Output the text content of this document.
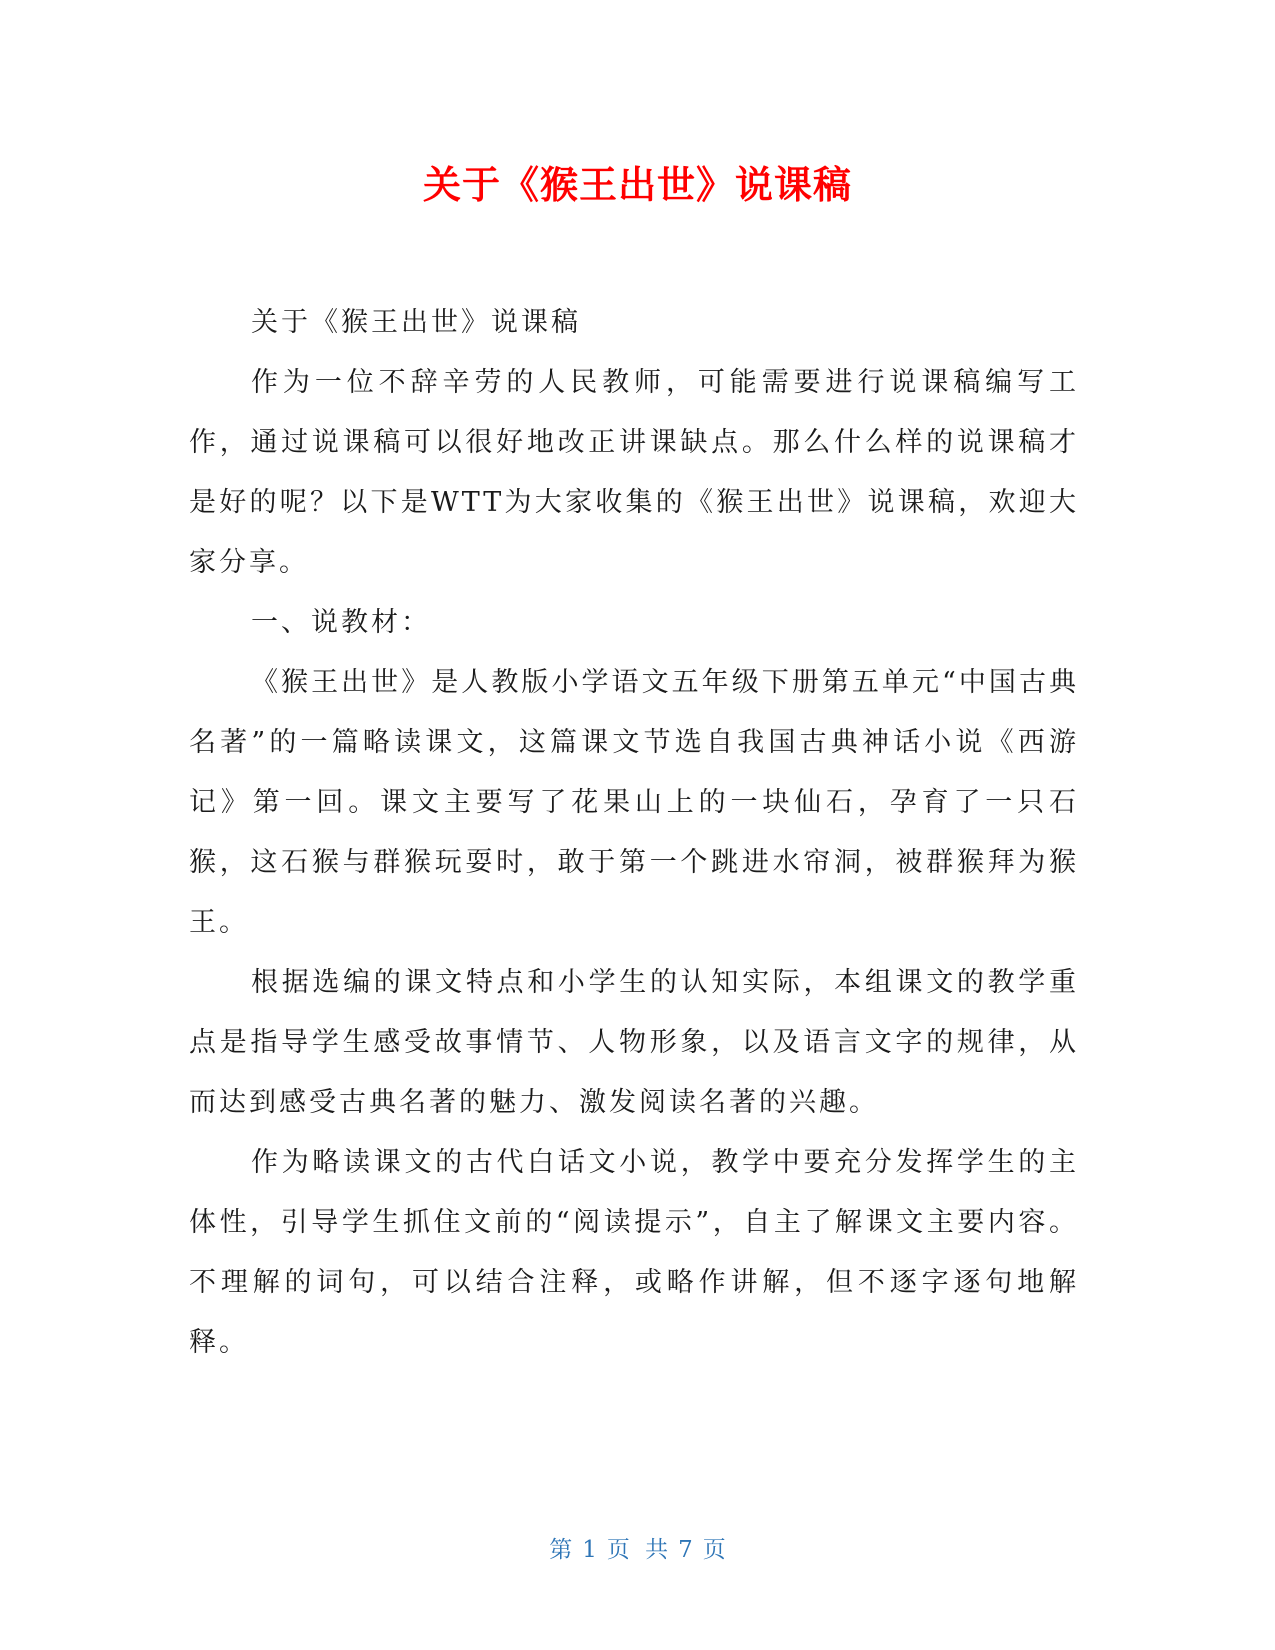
关于《猴王出世》说课稿

关于《猴王出世》说课稿

作为一位不辞辛劳的人民教师，可能需要进行说课稿编写工作，通过说课稿可以很好地改正讲课缺点。那么什么样的说课稿才是好的呢？以下是WTT为大家收集的《猴王出世》说课稿，欢迎大家分享。

一、说教材：

《猴王出世》是人教版小学语文五年级下册第五单元“中国古典名著”的一篇略读课文，这篇课文节选自我国古典神话小说《西游记》第一回。课文主要写了花果山上的一块仙石，孕育了一只石猴，这石猴与群猴玩耍时，敢于第一个跳进水帘洞，被群猴拜为猴王。

根据选编的课文特点和小学生的认知实际，本组课文的教学重点是指导学生感受故事情节、人物形象，以及语言文字的规律，从而达到感受古典名著的魅力、激发阅读名著的兴趣。

作为略读课文的古代白话文小说，教学中要充分发挥学生的主体性，引导学生抓住文前的“阅读提示”，自主了解课文主要内容。不理解的词句，可以结合注释，或略作讲解，但不逐字逐句地解释。

第 1 页 共 7 页
